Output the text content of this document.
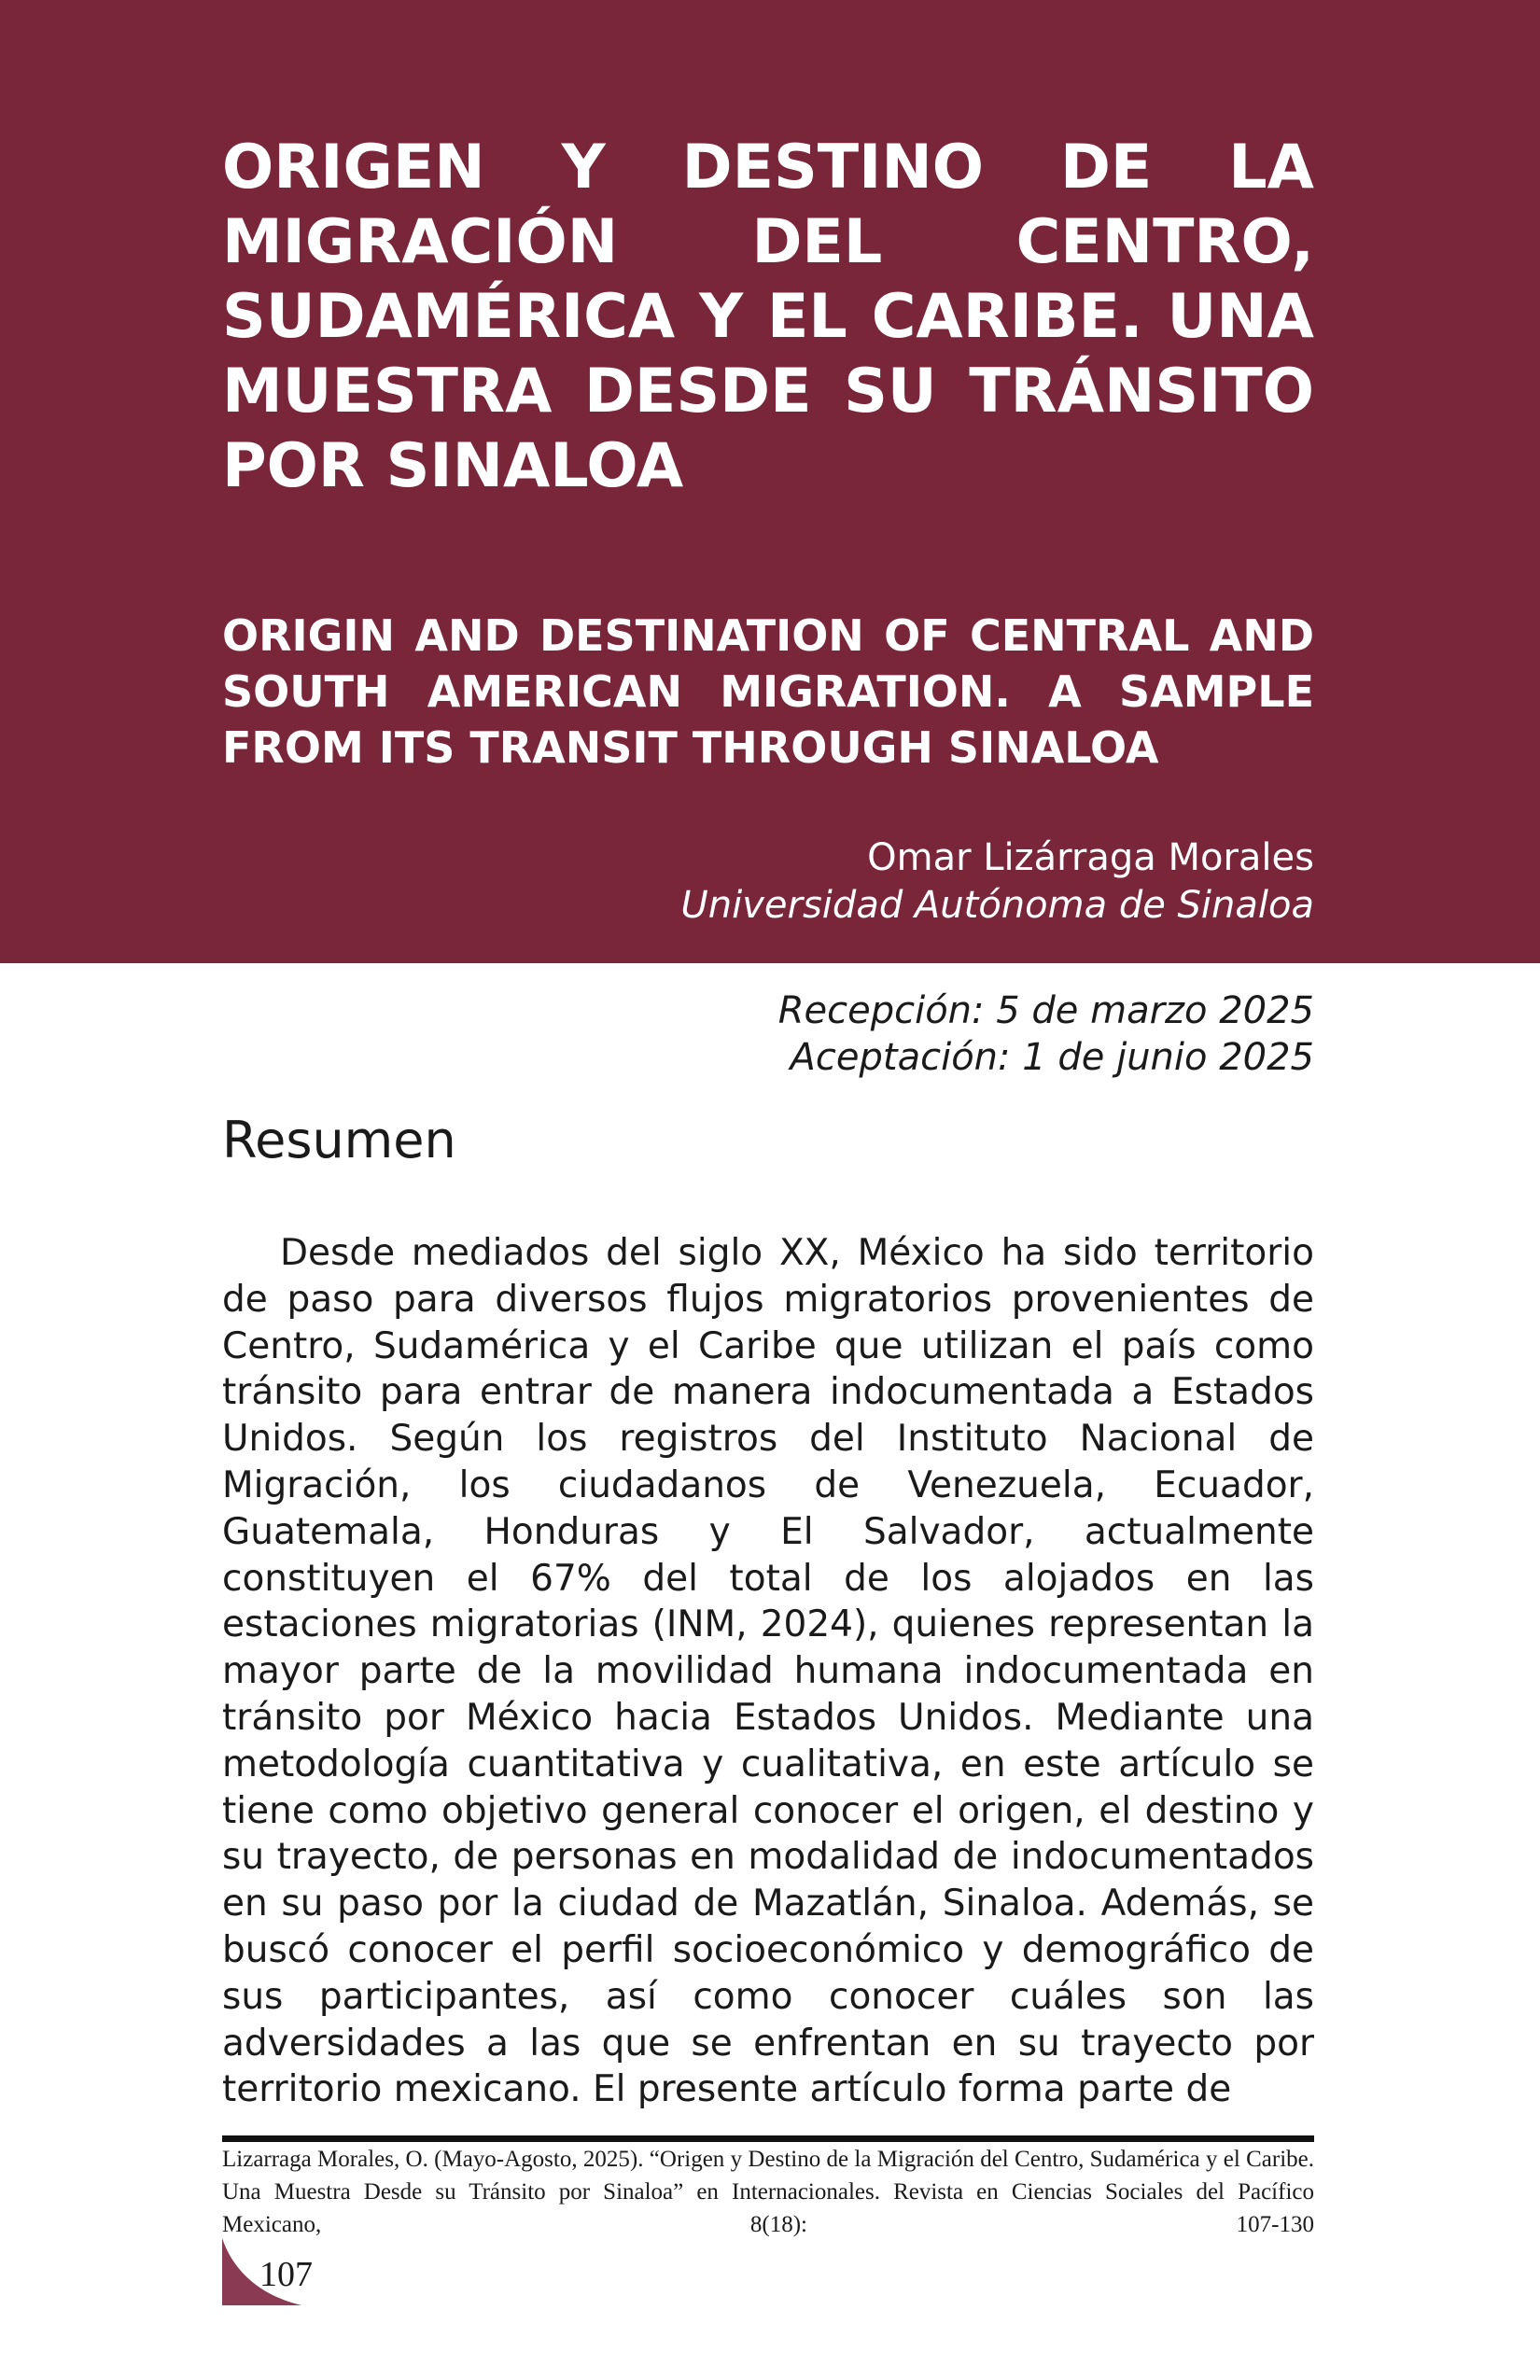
ORIGEN Y DESTINO DE LA MIGRACIÓN DEL CENTRO, SUDAMÉRICA Y EL CARIBE. UNA MUESTRA DESDE SU TRÁNSITO POR SINALOA
ORIGIN AND DESTINATION OF CENTRAL AND SOUTH AMERICAN MIGRATION. A SAMPLE FROM ITS TRANSIT THROUGH SINALOA
Omar Lizárraga Morales
Universidad Autónoma de Sinaloa
Recepción: 5 de marzo 2025
Aceptación: 1 de junio 2025
Resumen

Desde mediados del siglo XX, México ha sido territorio de paso para diversos flujos migratorios provenientes de Centro, Sudamérica y el Caribe que utilizan el país como tránsito para entrar de manera indocumentada a Estados Unidos. Según los registros del Instituto Nacional de Migración, los ciudadanos de Venezuela, Ecuador, Guatemala, Honduras y El Salvador, actualmente constituyen el 67% del total de los alojados en las estaciones migratorias (INM, 2024), quienes representan la mayor parte de la movilidad humana indocumentada en tránsito por México hacia Estados Unidos. Mediante una metodología cuantitativa y cualitativa, en este artículo se tiene como objetivo general conocer el origen, el destino y su trayecto, de personas en modalidad de indocumentados en su paso por la ciudad de Mazatlán, Sinaloa. Además, se buscó conocer el perfil socioeconómico y demográfico de sus participantes, así como conocer cuáles son las adversidades a las que se enfrentan en su trayecto por territorio mexicano. El presente artículo forma parte de

Lizarraga Morales, O. (Mayo-Agosto, 2025). “Origen y Destino de la Migración del Centro, Sudamérica y el Caribe. Una Muestra Desde su Tránsito por Sinaloa” en Internacionales. Revista en Ciencias Sociales del Pacífico Mexicano, 8(18): 107-130

107
